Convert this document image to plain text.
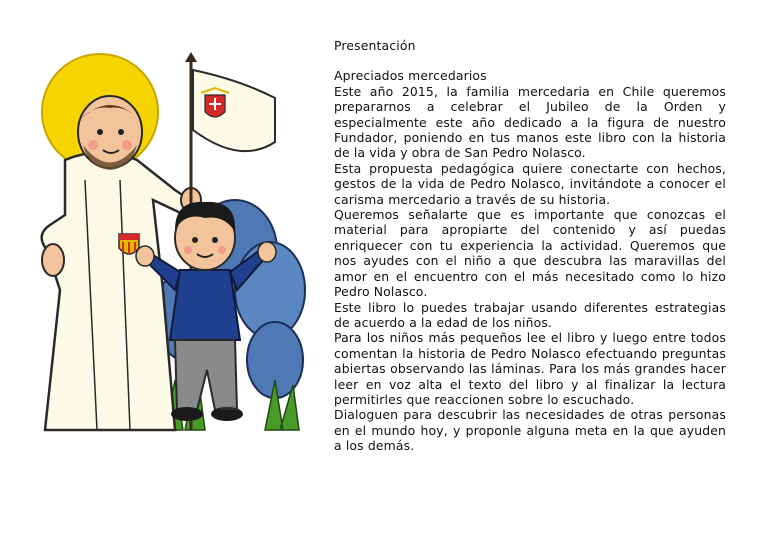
mcdu
Presentación

Apreciados mercedarios

Este año 2015, la familia mercedaria en Chile queremos prepararnos a celebrar el Jubileo de la Orden y especialmente este año dedicado a la figura de nuestro Fundador, poniendo en tus manos este libro con la historia de la vida y obra de San Pedro Nolasco.

Esta propuesta pedagógica quiere conectarte con hechos, gestos de la vida de Pedro Nolasco, invitándote a conocer el carisma mercedario a través de su historia.

Queremos señalarte que es importante que conozcas el material para apropiarte del contenido y así puedas enriquecer con tu experiencia la actividad. Queremos que nos ayudes con el niño a que descubra las maravillas del amor en el encuentro con el más necesitado como lo hizo Pedro Nolasco.

Este libro lo puedes trabajar usando diferentes estrategias de acuerdo a la edad de los niños.

Para los niños más pequeños lee el libro y luego entre todos comentan la historia de Pedro Nolasco efectuando preguntas abiertas observando las láminas. Para los más grandes hacer leer en voz alta el texto del libro y al finalizar la lectura permitirles que reaccionen sobre lo escuchado.

Dialoguen para descubrir las necesidades de otras personas en el mundo hoy, y proponle alguna meta en la que ayuden a los demás.
